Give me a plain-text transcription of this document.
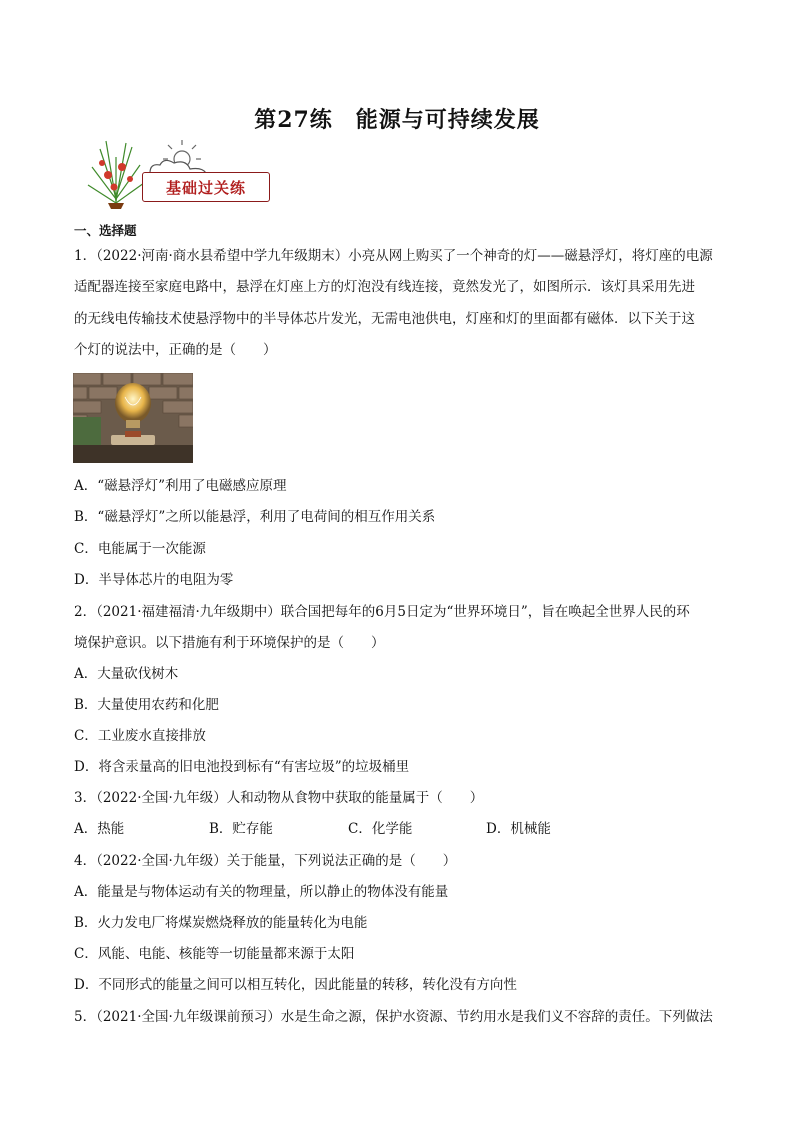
第27练　能源与可持续发展
基础过关练
一、选择题
1．（2022·河南·商水县希望中学九年级期末）小亮从网上购买了一个神奇的灯——磁悬浮灯，将灯座的电源
适配器连接至家庭电路中，悬浮在灯座上方的灯泡没有线连接，竟然发光了，如图所示．该灯具采用先进
的无线电传输技术使悬浮物中的半导体芯片发光，无需电池供电，灯座和灯的里面都有磁体．以下关于这
个灯的说法中，正确的是（　　）
A．“磁悬浮灯”利用了电磁感应原理
B．“磁悬浮灯”之所以能悬浮，利用了电荷间的相互作用关系
C．电能属于一次能源
D．半导体芯片的电阻为零
2．（2021·福建福清·九年级期中）联合国把每年的6月5日定为“世界环境日”，旨在唤起全世界人民的环
境保护意识。以下措施有利于环境保护的是（　　）
A．大量砍伐树木
B．大量使用农药和化肥
C．工业废水直接排放
D．将含汞量高的旧电池投到标有“有害垃圾”的垃圾桶里
3．（2022·全国·九年级）人和动物从食物中获取的能量属于（　　）
A．热能	B．贮存能	C．化学能	D．机械能
4．（2022·全国·九年级）关于能量，下列说法正确的是（　　）
A．能量是与物体运动有关的物理量，所以静止的物体没有能量
B．火力发电厂将煤炭燃烧释放的能量转化为电能
C．风能、电能、核能等一切能量都来源于太阳
D．不同形式的能量之间可以相互转化，因此能量的转移，转化没有方向性
5．（2021·全国·九年级课前预习）水是生命之源，保护水资源、节约用水是我们义不容辞的责任。下列做法
